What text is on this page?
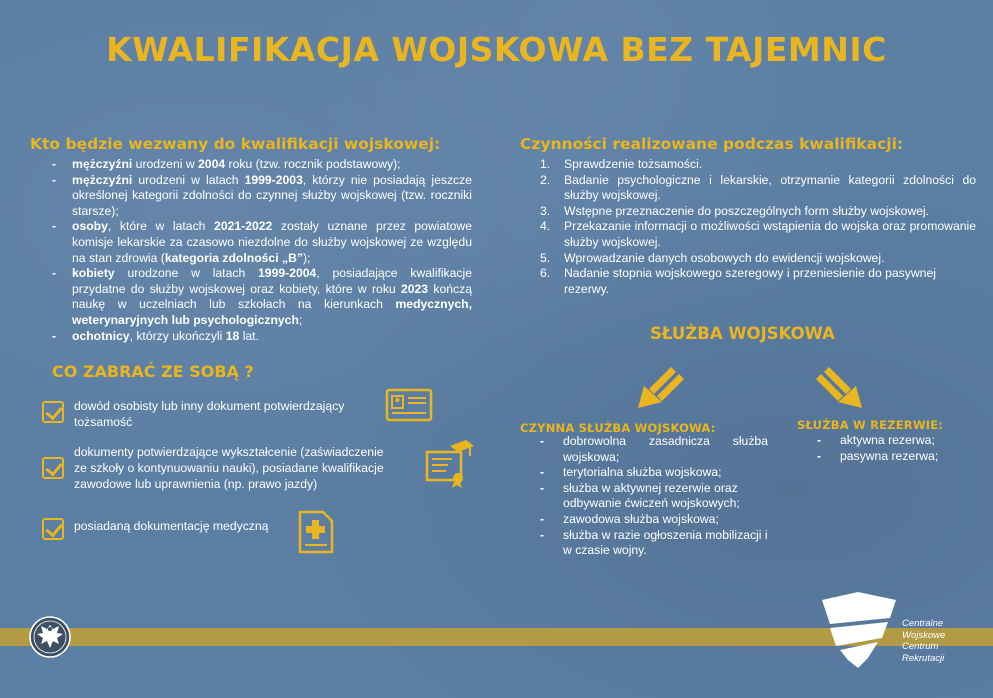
KWALIFIKACJA WOJSKOWA BEZ TAJEMNIC
Kto będzie wezwany do kwalifikacji wojskowej:
- mężczyźni urodzeni w 2004 roku (tzw. rocznik podstawowy);
- mężczyźni urodzeni w latach 1999-2003, którzy nie posiadają jeszcze określonej kategorii zdolności do czynnej służby wojskowej (tzw. roczniki starsze);
- osoby, które w latach 2021-2022 zostały uznane przez powiatowe komisje lekarskie za czasowo niezdolne do służby wojskowej ze względu na stan zdrowia (kategoria zdolności „B”);
- kobiety urodzone w latach 1999-2004, posiadające kwalifikacje przydatne do służby wojskowej oraz kobiety, które w roku 2023 kończą naukę w uczelniach lub szkołach na kierunkach medycznych, weterynaryjnych lub psychologicznych;
- ochotnicy, którzy ukończyli 18 lat.
CO ZABRAĆ ZE SOBĄ ?
dowód osobisty lub inny dokument potwierdzający tożsamość
dokumenty potwierdzające wykształcenie (zaświadczenie ze szkoły o kontynuowaniu nauki), posiadane kwalifikacje zawodowe lub uprawnienia (np. prawo jazdy)
posiadaną dokumentację medyczną
Czynności realizowane podczas kwalifikacji:
1. Sprawdzenie tożsamości.
2. Badanie psychologiczne i lekarskie, otrzymanie kategorii zdolności do służby wojskowej.
3. Wstępne przeznaczenie do poszczególnych form służby wojskowej.
4. Przekazanie informacji o możliwości wstąpienia do wojska oraz promowanie służby wojskowej.
5. Wprowadzanie danych osobowych do ewidencji wojskowej.
6. Nadanie stopnia wojskowego szeregowy i przeniesienie do pasywnej rezerwy.
SŁUŻBA WOJSKOWA
CZYNNA SŁUŻBA WOJSKOWA:
- dobrowolna zasadnicza służba wojskowa;
- terytorialna służba wojskowa;
- służba w aktywnej rezerwie oraz odbywanie ćwiczeń wojskowych;
- zawodowa służba wojskowa;
- służba w razie ogłoszenia mobilizacji i w czasie wojny.
SŁUŻBA W REZERWIE:
- aktywna rezerwa;
- pasywna rezerwa;
Centralne
Wojskowe
Centrum
Rekrutacji
